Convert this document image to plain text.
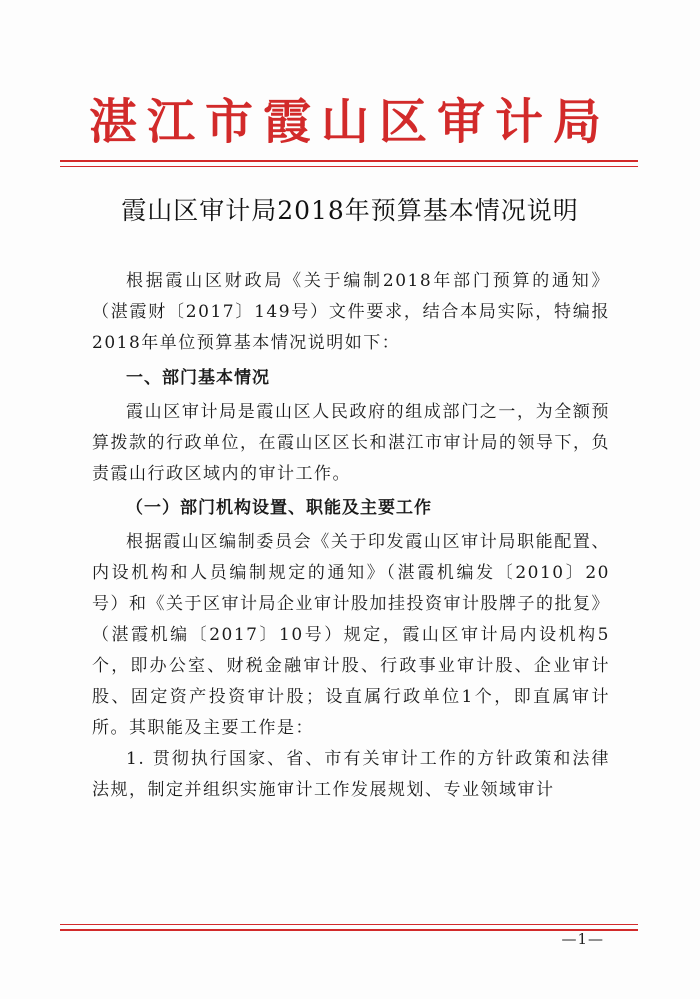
湛江市霞山区审计局
霞山区审计局2018年预算基本情况说明

根据霞山区财政局《关于编制2018年部门预算的通知》（湛霞财〔2017〕149号）文件要求，结合本局实际，特编报2018年单位预算基本情况说明如下：

一、部门基本情况

霞山区审计局是霞山区人民政府的组成部门之一，为全额预算拨款的行政单位，在霞山区区长和湛江市审计局的领导下，负责霞山行政区域内的审计工作。

（一）部门机构设置、职能及主要工作

根据霞山区编制委员会《关于印发霞山区审计局职能配置、内设机构和人员编制规定的通知》（湛霞机编发〔2010〕20号）和《关于区审计局企业审计股加挂投资审计股牌子的批复》（湛霞机编〔2017〕10号）规定，霞山区审计局内设机构5个，即办公室、财税金融审计股、行政事业审计股、企业审计股、固定资产投资审计股；设直属行政单位1个，即直属审计所。其职能及主要工作是：

1. 贯彻执行国家、省、市有关审计工作的方针政策和法律法规，制定并组织实施审计工作发展规划、专业领域审计

—1—
